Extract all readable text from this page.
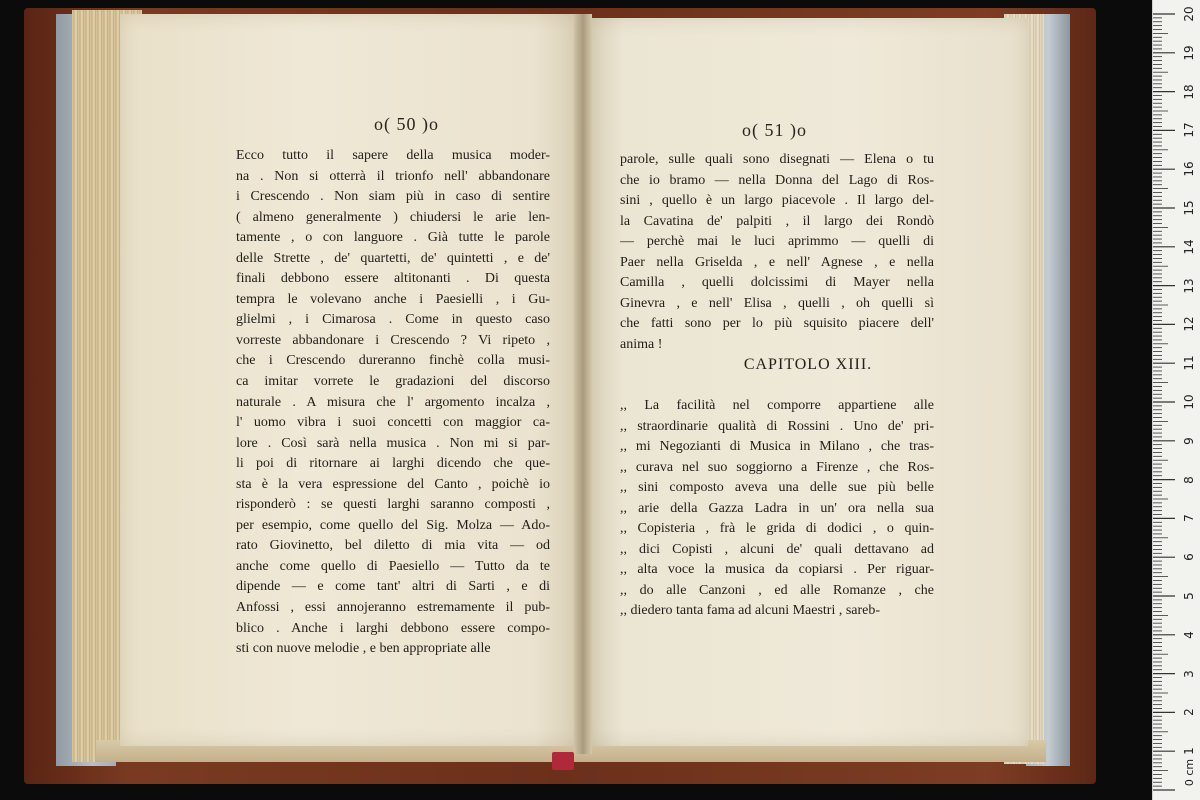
o( 50 )o
Ecco tutto il sapere della musica moder-
na . Non si otterrà il trionfo nell' abbandonare
i Crescendo . Non siam più in caso di sentire
( almeno generalmente ) chiudersi le arie len-
tamente , o con languore . Già tutte le parole
delle Strette , de' quartetti, de' quintetti , e de'
finali debbono essere altitonanti . Di questa
tempra le volevano anche i Paesielli , i Gu-
glielmi , i Cimarosa . Come in questo caso
vorreste abbandonare i Crescendo ? Vi ripeto ,
che i Crescendo dureranno finchè colla musi-
ca imitar vorrete le gradazioni del discorso
naturale . A misura che l' argomento incalza ,
l' uomo vibra i suoi concetti con maggior ca-
lore . Così sarà nella musica . Non mi si par-
li poi di ritornare ai larghi dicendo che que-
sta è la vera espressione del Canto , poichè io
risponderò : se questi larghi saranno composti ,
per esempio, come quello del Sig. Molza — Ado-
rato Giovinetto, bel diletto di mia vita — od
anche come quello di Paesiello — Tutto da te
dipende — e come tant' altri di Sarti , e di
Anfossi , essi annojeranno estremamente il pub-
blico . Anche i larghi debbono essere compo-
sti con nuove melodie , e ben appropriate alle
o( 51 )o
parole, sulle quali sono disegnati — Elena o tu
che io bramo — nella Donna del Lago di Ros-
sini , quello è un largo piacevole . Il largo del-
la Cavatina de' palpiti , il largo dei Rondò
— perchè mai le luci aprimmo — quelli di
Paer nella Griselda , e nell' Agnese , e nella
Camilla , quelli dolcissimi di Mayer nella
Ginevra , e nell' Elisa , quelli , oh quelli sì
che fatti sono per lo più squisito piacere dell'
anima !
CAPITOLO XIII.
,, La facilità nel comporre appartiene alle
,, straordinarie qualità di Rossini . Uno de' pri-
,, mi Negozianti di Musica in Milano , che tras-
,, curava nel suo soggiorno a Firenze , che Ros-
,, sini composto aveva una delle sue più belle
,, arie della Gazza Ladra in un' ora nella sua
,, Copisteria , frà le grida di dodici , o quin-
,, dici Copisti , alcuni de' quali dettavano ad
,, alta voce la musica da copiarsi . Per riguar-
,, do alle Canzoni , ed alle Romanze , che
,, diedero tanta fama ad alcuni Maestri , sareb-
1
2
3
4
5
6
7
8
9
10
11
12
13
14
15
16
17
18
19
20
0 cm
